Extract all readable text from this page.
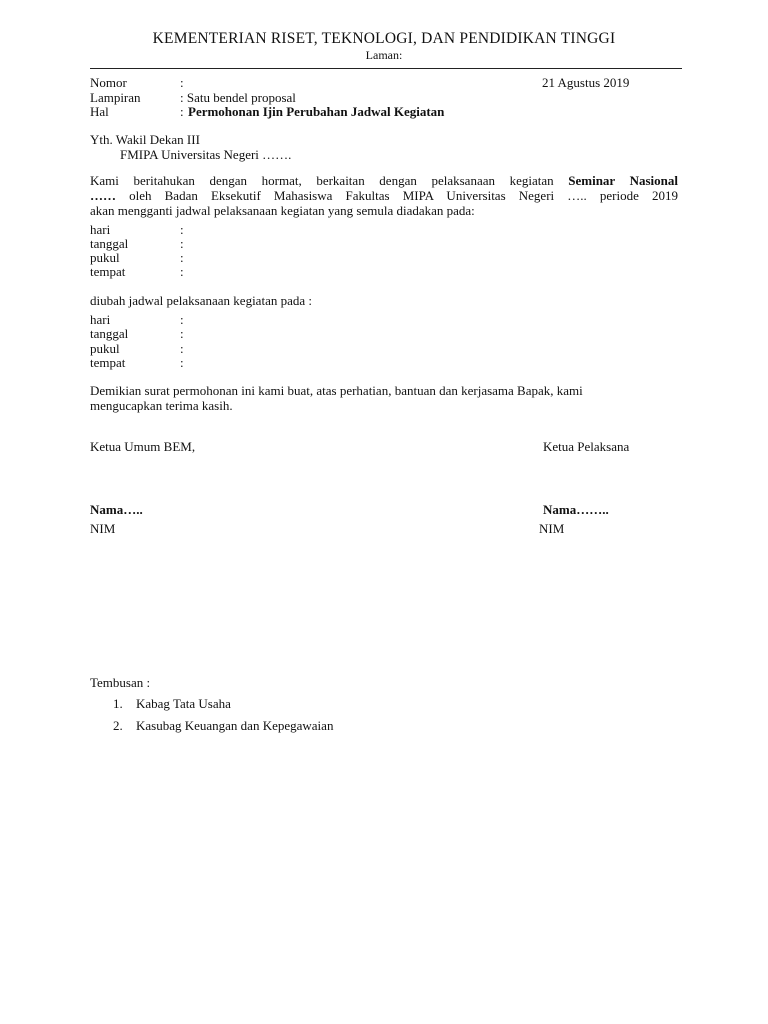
KEMENTERIAN RISET, TEKNOLOGI, DAN PENDIDIKAN TINGGI
Laman:
Nomor	:	21 Agustus 2019
Lampiran	: Satu bendel proposal
Hal	: Permohonan Ijin Perubahan Jadwal Kegiatan
Yth. Wakil Dekan III
FMIPA Universitas Negeri …….
Kami beritahukan dengan hormat, berkaitan dengan pelaksanaan kegiatan Seminar Nasional
…… oleh Badan Eksekutif Mahasiswa Fakultas MIPA Universitas Negeri ….. periode 2019
akan mengganti jadwal pelaksanaan kegiatan yang semula diadakan pada:
hari	:
tanggal	:
pukul	:
tempat	:
diubah jadwal pelaksanaan kegiatan pada :
hari	:
tanggal	:
pukul	:
tempat	:
Demikian surat permohonan ini kami buat, atas perhatian, bantuan dan kerjasama Bapak, kami
mengucapkan terima kasih.
Ketua Umum BEM,	Ketua Pelaksana
Nama…..	Nama……..
NIM	NIM
Tembusan :
1. Kabag Tata Usaha
2. Kasubag Keuangan dan Kepegawaian
